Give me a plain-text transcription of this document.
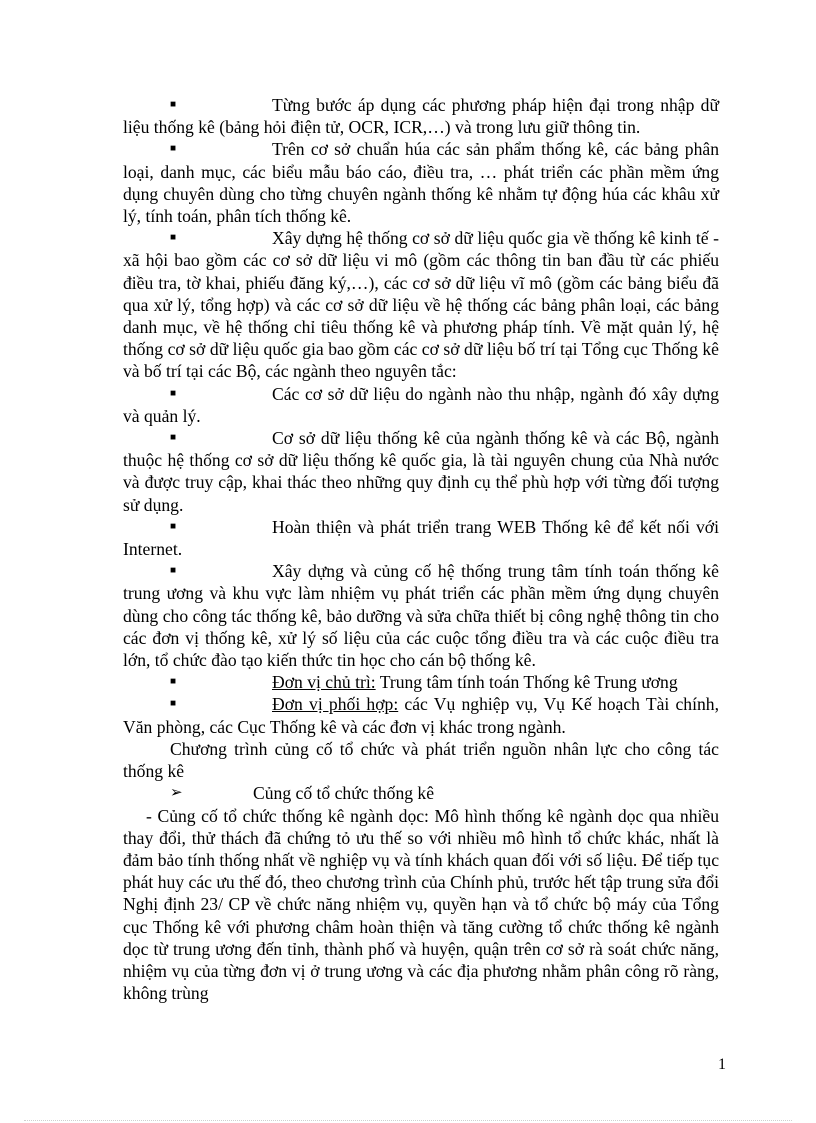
■	Từng bước áp dụng các phương pháp hiện đại trong nhập dữ liệu thống kê (bảng hỏi điện tử, OCR, ICR,…) và trong lưu giữ thông tin.

■	Trên cơ sở chuẩn húa các sản phẩm thống kê, các bảng phân loại, danh mục, các biểu mẫu báo cáo, điều tra, … phát triển các phần mềm ứng dụng chuyên dùng cho từng chuyên ngành thống kê nhằm tự động húa các khâu xử lý, tính toán, phân tích thống kê.

■	Xây dựng hệ thống cơ sở dữ liệu quốc gia về thống kê kinh tế - xã hội bao gồm các cơ sở dữ liệu vi mô (gồm các thông tin ban đầu từ các phiếu điều tra, tờ khai, phiếu đăng ký,…), các cơ sở dữ liệu vĩ mô (gồm các bảng biểu đã qua xử lý, tổng hợp) và các cơ sở dữ liệu về hệ thống các bảng phân loại, các bảng danh mục, về hệ thống chỉ tiêu thống kê và phương pháp tính. Về mặt quản lý, hệ thống cơ sở dữ liệu quốc gia bao gồm các cơ sở dữ liệu bố trí tại Tổng cục Thống kê và bố trí tại các Bộ, các ngành theo nguyên tắc:

■	Các cơ sở dữ liệu do ngành nào thu nhập, ngành đó xây dựng và quản lý.

■	Cơ sở dữ liệu thống kê của ngành thống kê và các Bộ, ngành thuộc hệ thống cơ sở dữ liệu thống kê quốc gia, là tài nguyên chung của Nhà nước và được truy cập, khai thác theo những quy định cụ thể phù hợp với từng đối tượng sử dụng.

■	Hoàn thiện và phát triển trang WEB Thống kê để kết nối với Internet.

■	Xây dựng và củng cố hệ thống trung tâm tính toán thống kê trung ương và khu vực làm nhiệm vụ phát triển các phần mềm ứng dụng chuyên dùng cho công tác thống kê, bảo dưỡng và sửa chữa thiết bị công nghệ thông tin cho các đơn vị thống kê, xử lý số liệu của các cuộc tổng điều tra và các cuộc điều tra lớn, tổ chức đào tạo kiến thức tin học cho cán bộ thống kê.

■	Đơn vị chủ trì: Trung tâm tính toán Thống kê Trung ương

■	Đơn vị phối hợp: các Vụ nghiệp vụ, Vụ Kế hoạch Tài chính, Văn phòng, các Cục Thống kê và các đơn vị khác trong ngành.

Chương trình củng cố tổ chức và phát triển nguồn nhân lực cho công tác thống kê

➢	Củng cố tổ chức thống kê

- Củng cố tổ chức thống kê ngành dọc: Mô hình thống kê ngành dọc qua nhiều thay đổi, thử thách đã chứng tỏ ưu thế so với nhiều mô hình tổ chức khác, nhất là đảm bảo tính thống nhất về nghiệp vụ và tính khách quan đối với số liệu. Để tiếp tục phát huy các ưu thế đó, theo chương trình của Chính phủ, trước hết tập trung sửa đổi Nghị định 23/ CP về chức năng nhiệm vụ, quyền hạn và tổ chức bộ máy của Tổng cục Thống kê với phương châm hoàn thiện và tăng cường tổ chức thống kê ngành dọc từ trung ương đến tỉnh, thành phố và huyện, quận trên cơ sở rà soát chức năng, nhiệm vụ của từng đơn vị ở trung ương và các địa phương nhằm phân công rõ ràng, không trùng

1
